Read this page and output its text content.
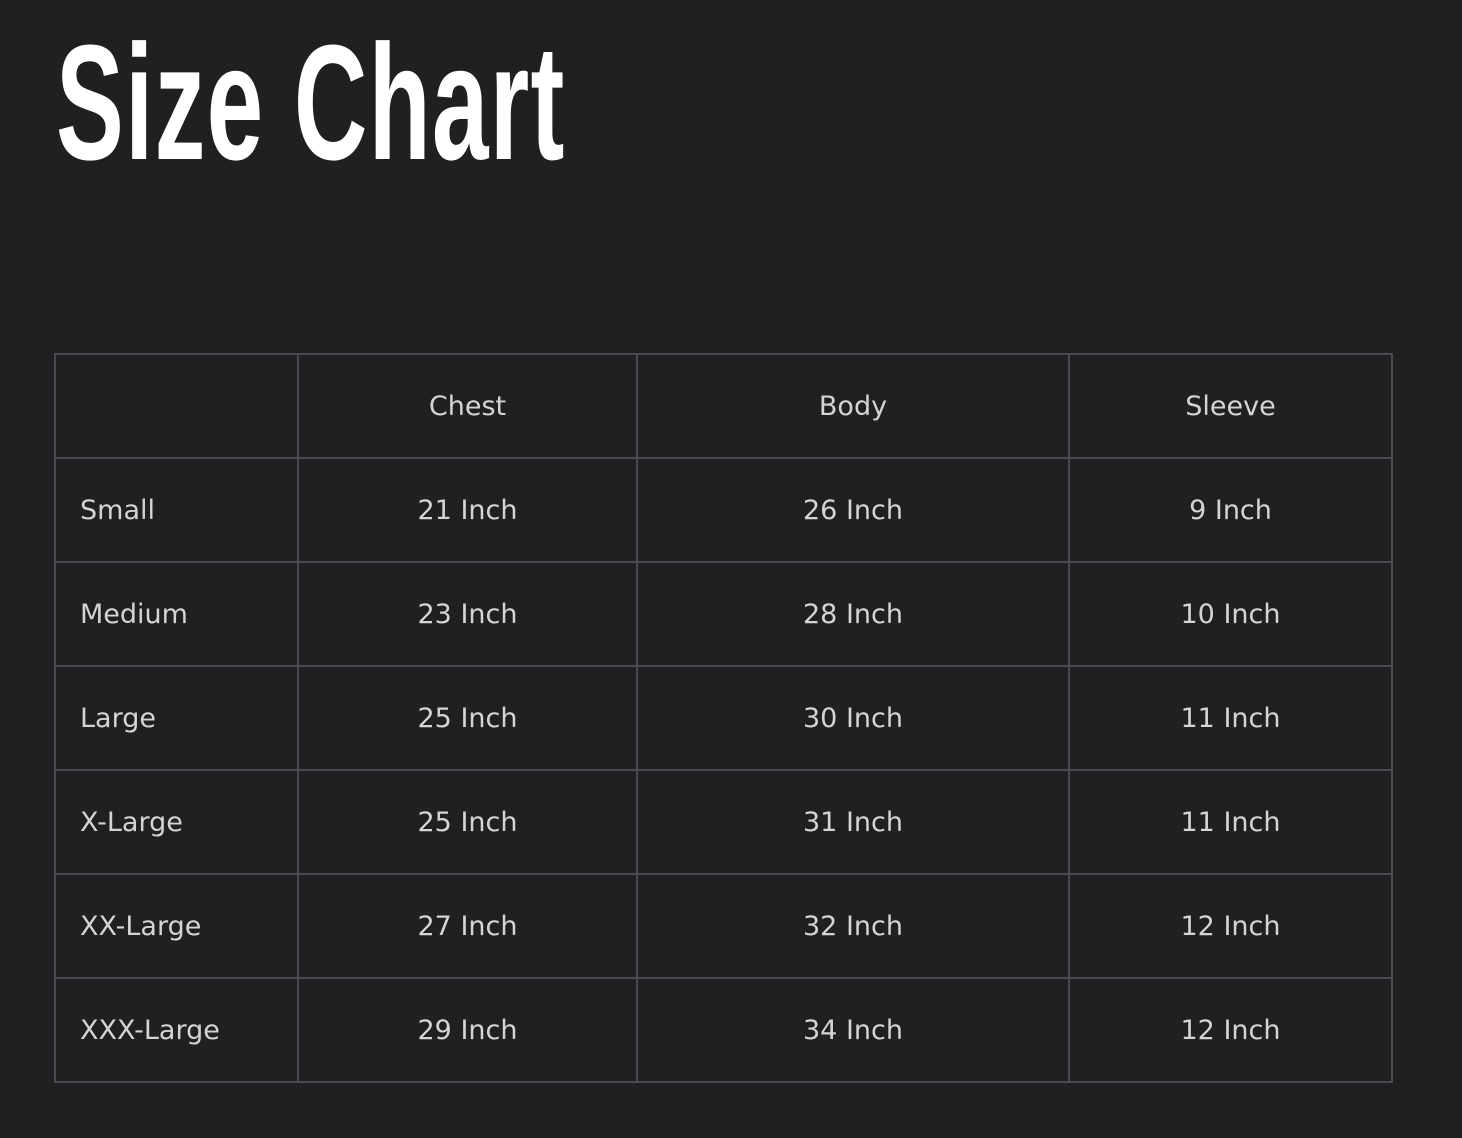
Size Chart
	Chest	Body	Sleeve
Small	21 Inch	26 Inch	9 Inch
Medium	23 Inch	28 Inch	10 Inch
Large	25 Inch	30 Inch	11 Inch
X-Large	25 Inch	31 Inch	11 Inch
XX-Large	27 Inch	32 Inch	12 Inch
XXX-Large	29 Inch	34 Inch	12 Inch
